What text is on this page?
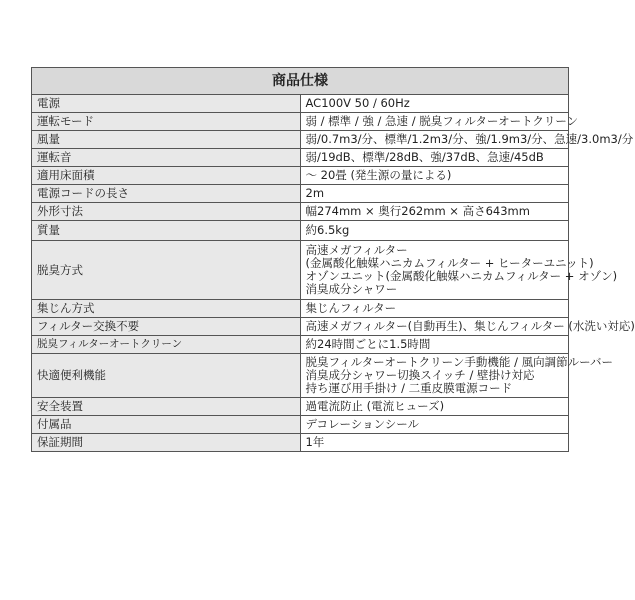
商品仕様	
電源	AC100V 50 / 60Hz

運転モード	弱 / 標準 / 強 / 急速 / 脱臭フィルターオートクリーン

風量	弱/0.7m3/分、標準/1.2m3/分、強/1.9m3/分、急速/3.0m3/分

運転音	弱/19dB、標準/28dB、強/37dB、急速/45dB

適用床面積	〜 20畳 (発生源の量による)

電源コードの長さ	2m

外形寸法	幅274mm × 奥行262mm × 高さ643mm

質量	約6.5kg

脱臭方式	高速メガフィルター
(金属酸化触媒ハニカムフィルター + ヒーターユニット)
オゾンユニット(金属酸化触媒ハニカムフィルター + オゾン)
消臭成分シャワー

集じん方式	集じんフィルター

フィルター交換不要	高速メガフィルター(自動再生)、集じんフィルター (水洗い対応)

脱臭フィルターオートクリーン	約24時間ごとに1.5時間

快適便利機能	脱臭フィルターオートクリーン手動機能 / 風向調節ルーバー
消臭成分シャワー切換スイッチ / 壁掛け対応
持ち運び用手掛け / 二重皮膜電源コード

安全装置	過電流防止 (電流ヒューズ)

付属品	デコレーションシール

保証期間	1年
